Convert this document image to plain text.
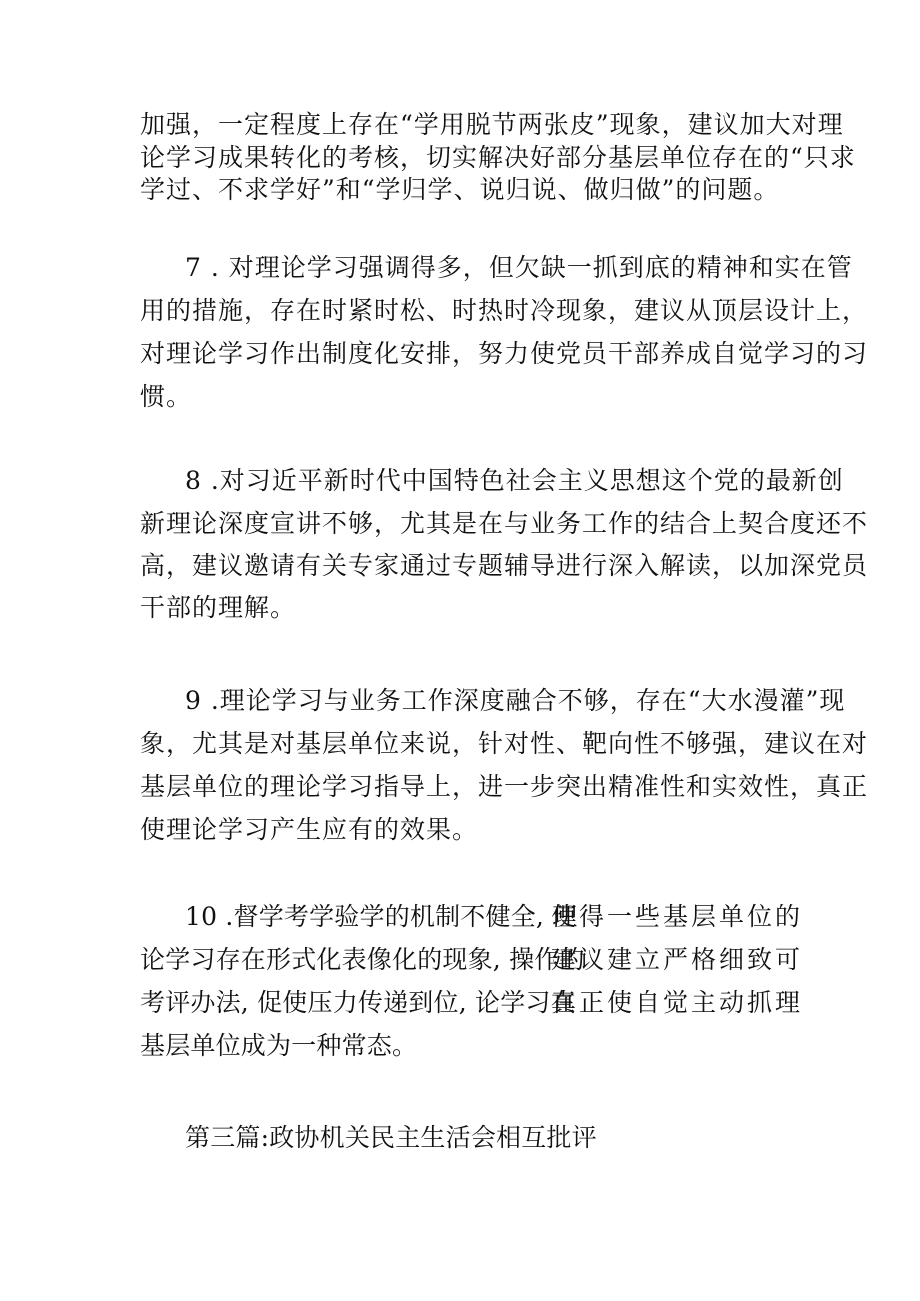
加强，一定程度上存在“学用脱节两张皮”现象，建议加大对理
论学习成果转化的考核，切实解决好部分基层单位存在的“只求
学过、不求学好”和“学归学、说归说、做归做”的问题。
7 . 对理论学习强调得多，但欠缺一抓到底的精神和实在管
用的措施，存在时紧时松、时热时冷现象，建议从顶层设计上，
对理论学习作出制度化安排，努力使党员干部养成自觉学习的习
惯。
8 .对习近平新时代中国特色社会主义思想这个党的最新创
新理论深度宣讲不够，尤其是在与业务工作的结合上契合度还不
高，建议邀请有关专家通过专题辅导进行深入解读，以加深党员
干部的理解。
9 .理论学习与业务工作深度融合不够，存在“大水漫灌”现
象，尤其是对基层单位来说，针对性、靶向性不够强，建议在对
基层单位的理论学习指导上，进一步突出精准性和实效性，真正
使理论学习产生应有的效果。
10 .督学考学验学的机制不健全, 理
论学习存在形式化表像化的现象, 操作的
考评办法, 促使压力传递到位, 论学习在
基层单位成为一种常态。
使得一些基层单位的
建议建立严格细致可
真正使自觉主动抓理
第三篇:政协机关民主生活会相互批评
